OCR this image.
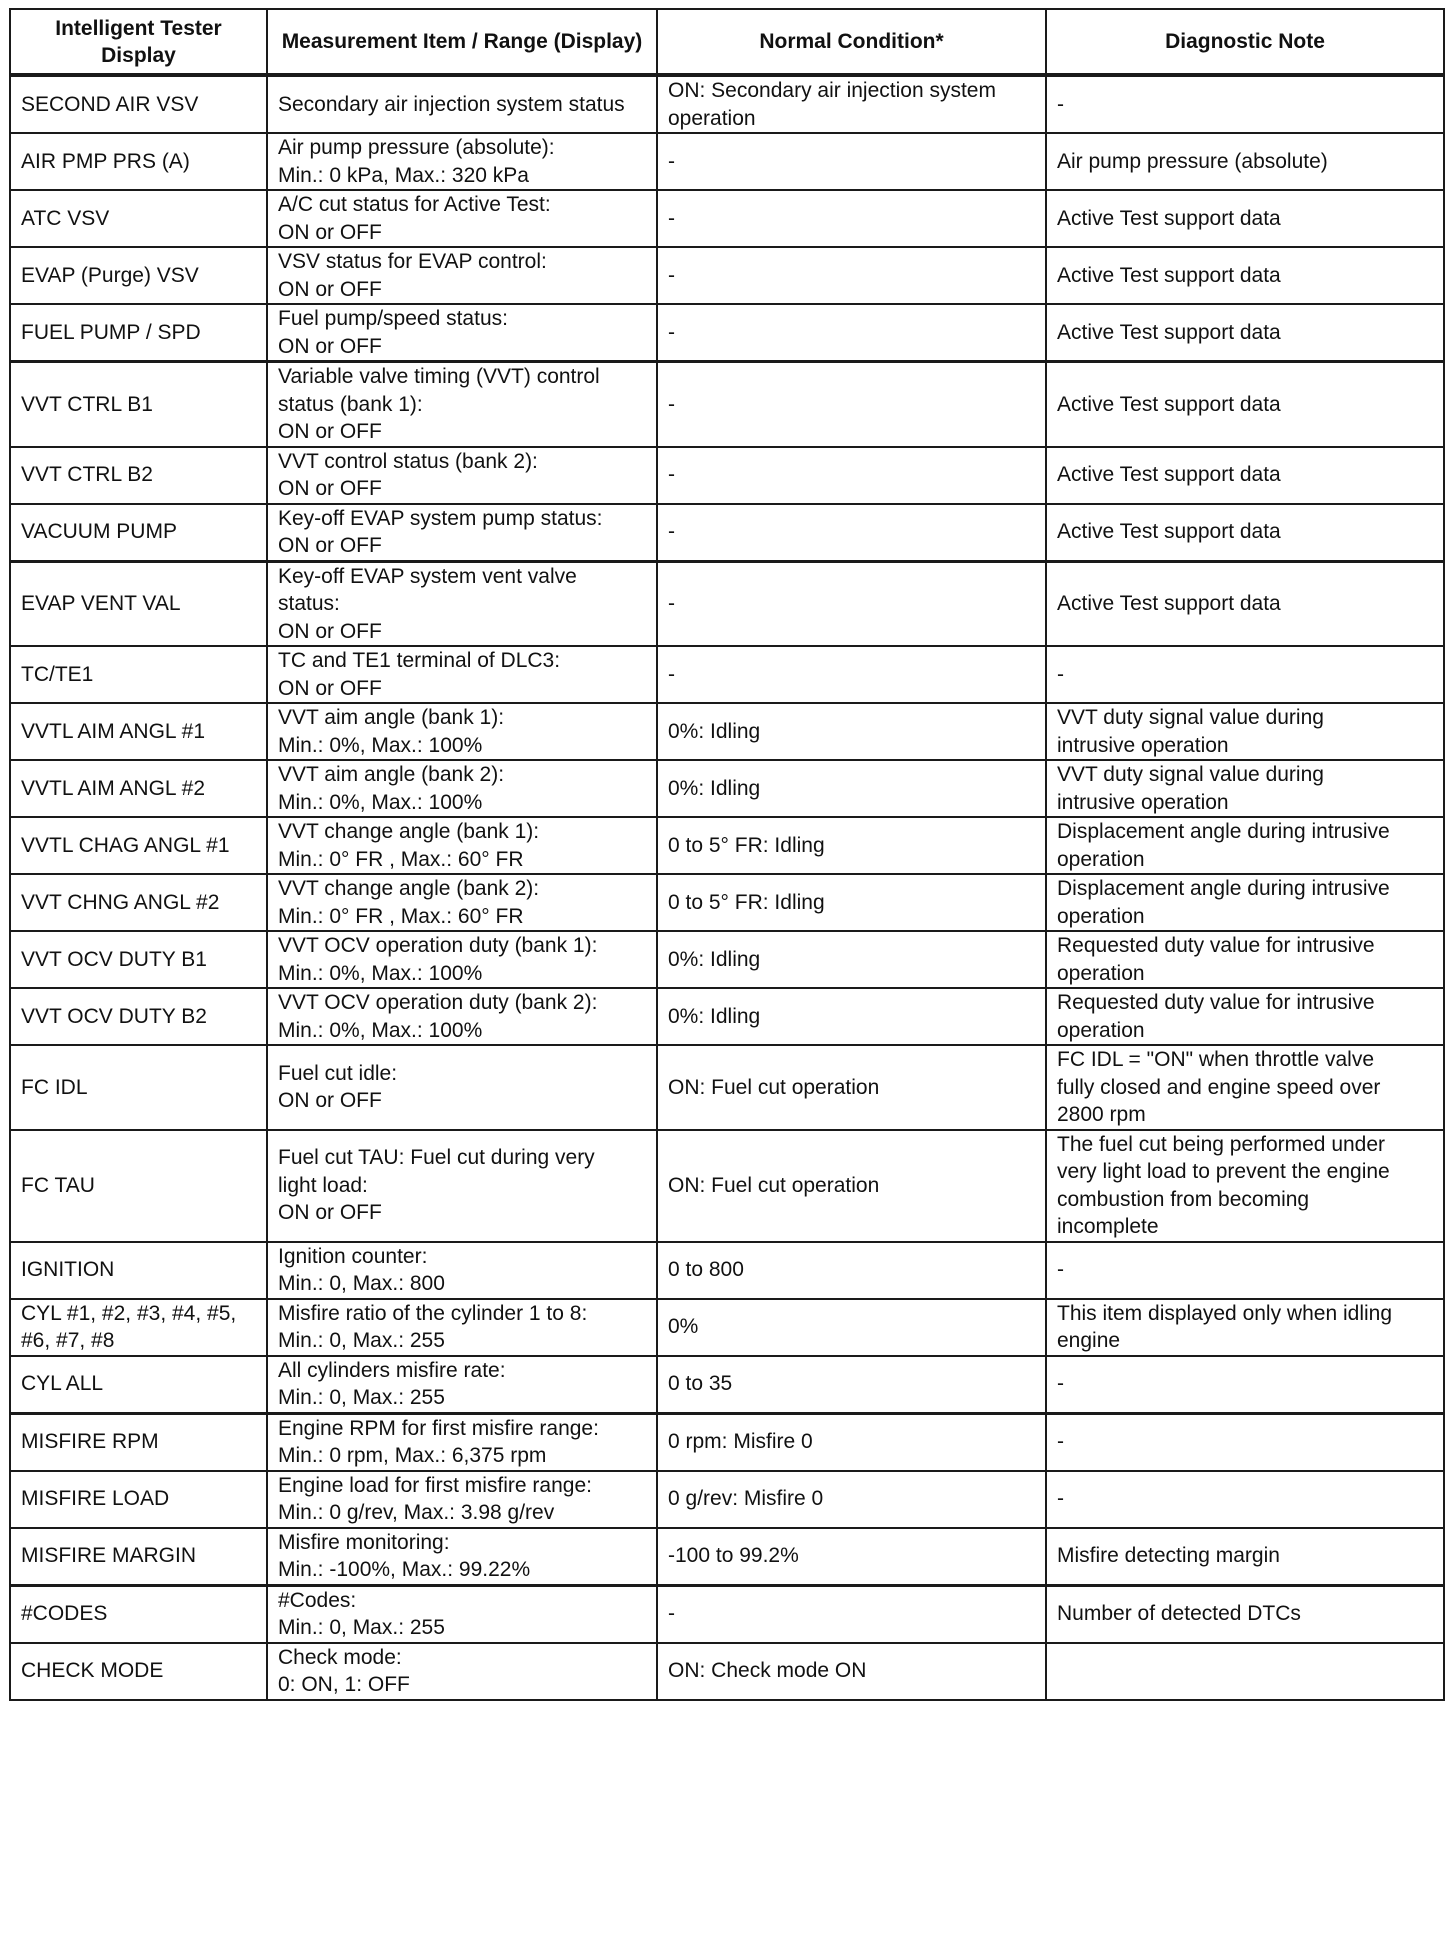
Intelligent Tester Display	Measurement Item / Range (Display)	Normal Condition*	Diagnostic Note

SECOND AIR VSV	Secondary air injection system status	ON: Secondary air injection system
operation	-

AIR PMP PRS (A)	Air pump pressure (absolute):
Min.: 0 kPa, Max.: 320 kPa	-	Air pump pressure (absolute)

ATC VSV	A/C cut status for Active Test:
ON or OFF	-	Active Test support data

EVAP (Purge) VSV	VSV status for EVAP control:
ON or OFF	-	Active Test support data

FUEL PUMP / SPD	Fuel pump/speed status:
ON or OFF	-	Active Test support data

VVT CTRL B1	Variable valve timing (VVT) control
status (bank 1):
ON or OFF	-	Active Test support data

VVT CTRL B2	VVT control status (bank 2):
ON or OFF	-	Active Test support data

VACUUM PUMP	Key-off EVAP system pump status:
ON or OFF	-	Active Test support data

EVAP VENT VAL	Key-off EVAP system vent valve
status:
ON or OFF	-	Active Test support data

TC/TE1	TC and TE1 terminal of DLC3:
ON or OFF	-	-

VVTL AIM ANGL #1	VVT aim angle (bank 1):
Min.: 0%, Max.: 100%	0%: Idling	VVT duty signal value during
intrusive operation

VVTL AIM ANGL #2	VVT aim angle (bank 2):
Min.: 0%, Max.: 100%	0%: Idling	VVT duty signal value during
intrusive operation

VVTL CHAG ANGL #1	VVT change angle (bank 1):
Min.: 0° FR , Max.: 60° FR	0 to 5° FR: Idling	Displacement angle during intrusive
operation

VVT CHNG ANGL #2	VVT change angle (bank 2):
Min.: 0° FR , Max.: 60° FR	0 to 5° FR: Idling	Displacement angle during intrusive
operation

VVT OCV DUTY B1	VVT OCV operation duty (bank 1):
Min.: 0%, Max.: 100%	0%: Idling	Requested duty value for intrusive
operation

VVT OCV DUTY B2	VVT OCV operation duty (bank 2):
Min.: 0%, Max.: 100%	0%: Idling	Requested duty value for intrusive
operation

FC IDL	Fuel cut idle:
ON or OFF	ON: Fuel cut operation	FC IDL = "ON" when throttle valve
fully closed and engine speed over
2800 rpm

FC TAU	Fuel cut TAU: Fuel cut during very
light load:
ON or OFF	ON: Fuel cut operation	The fuel cut being performed under
very light load to prevent the engine
combustion from becoming
incomplete

IGNITION	Ignition counter:
Min.: 0, Max.: 800	0 to 800	-

CYL #1, #2, #3, #4, #5,
#6, #7, #8	Misfire ratio of the cylinder 1 to 8:
Min.: 0, Max.: 255	0%	This item displayed only when idling
engine

CYL ALL	All cylinders misfire rate:
Min.: 0, Max.: 255	0 to 35	-

MISFIRE RPM	Engine RPM for first misfire range:
Min.: 0 rpm, Max.: 6,375 rpm	0 rpm: Misfire 0	-

MISFIRE LOAD	Engine load for first misfire range:
Min.: 0 g/rev, Max.: 3.98 g/rev	0 g/rev: Misfire 0	-

MISFIRE MARGIN	Misfire monitoring:
Min.: -100%, Max.: 99.22%	-100 to 99.2%	Misfire detecting margin

#CODES	#Codes:
Min.: 0, Max.: 255	-	Number of detected DTCs

CHECK MODE	Check mode:
0: ON, 1: OFF	ON: Check mode ON	
